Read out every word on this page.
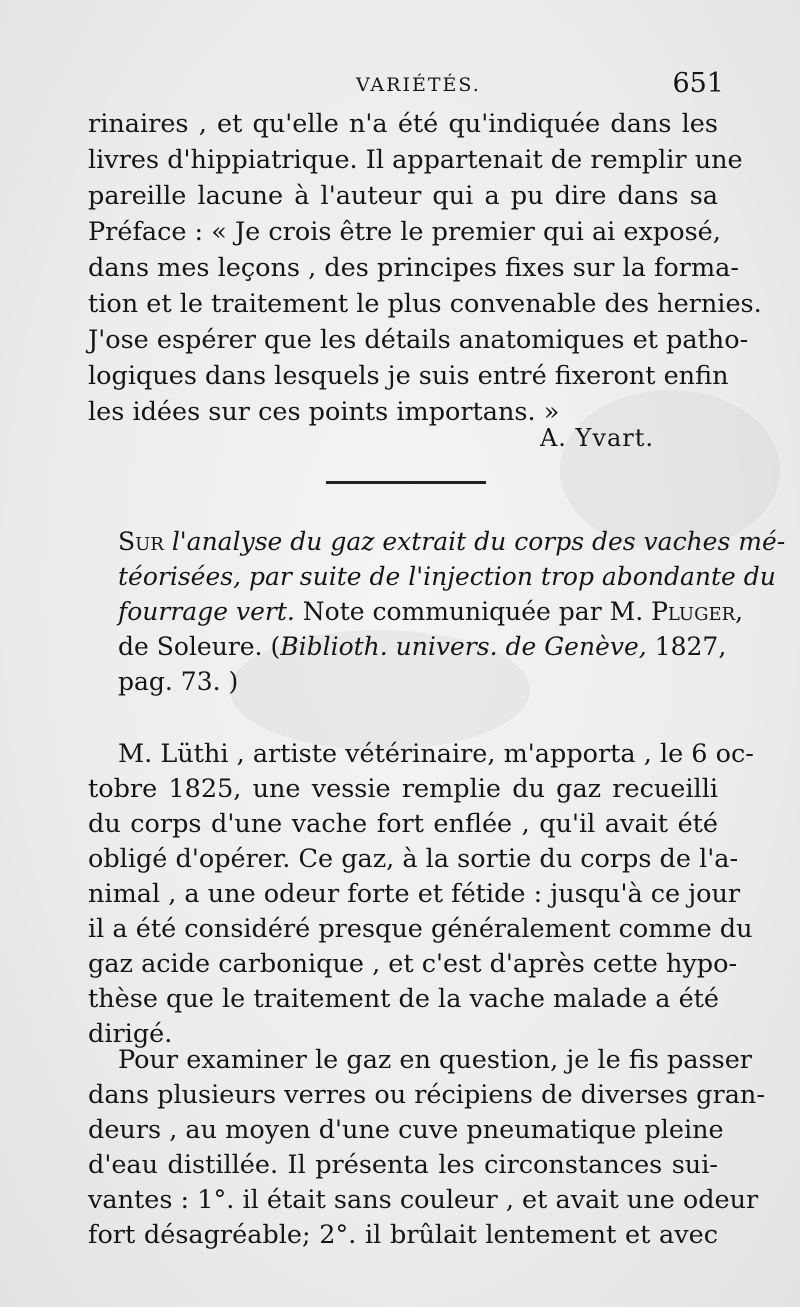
VARIÉTÉS.	651
rinaires , et qu'elle n'a été qu'indiquée dans les
livres d'hippiatrique. Il appartenait de remplir une
pareille lacune à l'auteur qui a pu dire dans sa
Préface : « Je crois être le premier qui ai exposé,
dans mes leçons , des principes fixes sur la forma-
tion et le traitement le plus convenable des hernies.
J'ose espérer que les détails anatomiques et patho-
logiques dans lesquels je suis entré fixeront enfin
les idées sur ces points importans. »
A. Yvart.
Sur l'analyse du gaz extrait du corps des vaches mé-
téorisées, par suite de l'injection trop abondante du
fourrage vert. Note communiquée par M. Pluger,
de Soleure. (Biblioth. univers. de Genève, 1827,
pag. 73. )
M. Lüthi , artiste vétérinaire, m'apporta , le 6 oc-
tobre 1825, une vessie remplie du gaz recueilli
du corps d'une vache fort enflée , qu'il avait été
obligé d'opérer. Ce gaz, à la sortie du corps de l'a-
nimal , a une odeur forte et fétide : jusqu'à ce jour
il a été considéré presque généralement comme du
gaz acide carbonique , et c'est d'après cette hypo-
thèse que le traitement de la vache malade a été
dirigé.
Pour examiner le gaz en question, je le fis passer
dans plusieurs verres ou récipiens de diverses gran-
deurs , au moyen d'une cuve pneumatique pleine
d'eau distillée. Il présenta les circonstances sui-
vantes : 1°. il était sans couleur , et avait une odeur
fort désagréable; 2°. il brûlait lentement et avec
